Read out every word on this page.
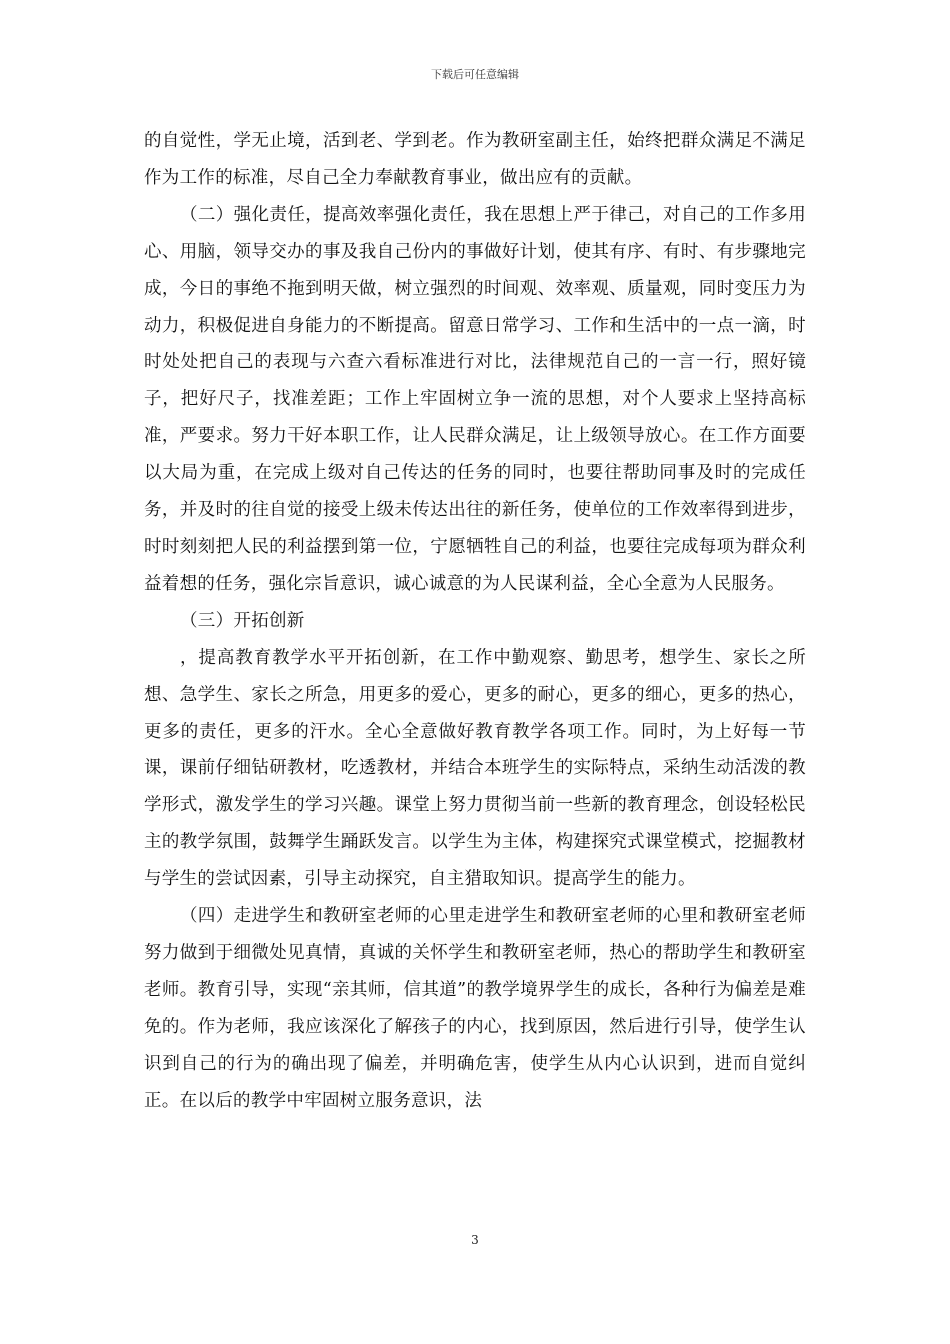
下载后可任意编辑

的自觉性，学无止境，活到老、学到老。作为教研室副主任，始终把群众满足不满足作为工作的标准，尽自己全力奉献教育事业，做出应有的贡献。

（二）强化责任，提高效率强化责任，我在思想上严于律己，对自己的工作多用心、用脑，领导交办的事及我自己份内的事做好计划，使其有序、有时、有步骤地完成，今日的事绝不拖到明天做，树立强烈的时间观、效率观、质量观，同时变压力为动力，积极促进自身能力的不断提高。留意日常学习、工作和生活中的一点一滴，时时处处把自己的表现与六查六看标准进行对比，法律规范自己的一言一行，照好镜子，把好尺子，找准差距；工作上牢固树立争一流的思想，对个人要求上坚持高标准，严要求。努力干好本职工作，让人民群众满足，让上级领导放心。在工作方面要以大局为重，在完成上级对自己传达的任务的同时，也要往帮助同事及时的完成任务，并及时的往自觉的接受上级未传达出往的新任务，使单位的工作效率得到进步，时时刻刻把人民的利益摆到第一位，宁愿牺牲自己的利益，也要往完成每项为群众利益着想的任务，强化宗旨意识，诚心诚意的为人民谋利益，全心全意为人民服务。

（三）开拓创新

，提高教育教学水平开拓创新，在工作中勤观察、勤思考，想学生、家长之所想、急学生、家长之所急，用更多的爱心，更多的耐心，更多的细心，更多的热心，更多的责任，更多的汗水。全心全意做好教育教学各项工作。同时，为上好每一节课，课前仔细钻研教材，吃透教材，并结合本班学生的实际特点，采纳生动活泼的教学形式，激发学生的学习兴趣。课堂上努力贯彻当前一些新的教育理念，创设轻松民主的教学氛围，鼓舞学生踊跃发言。以学生为主体，构建探究式课堂模式，挖掘教材与学生的尝试因素，引导主动探究，自主猎取知识。提高学生的能力。

（四）走进学生和教研室老师的心里走进学生和教研室老师的心里和教研室老师努力做到于细微处见真情，真诚的关怀学生和教研室老师，热心的帮助学生和教研室老师。教育引导，实现“亲其师，信其道”的教学境界学生的成长，各种行为偏差是难免的。作为老师，我应该深化了解孩子的内心，找到原因，然后进行引导，使学生认识到自己的行为的确出现了偏差，并明确危害，使学生从内心认识到，进而自觉纠正。在以后的教学中牢固树立服务意识，法

3
